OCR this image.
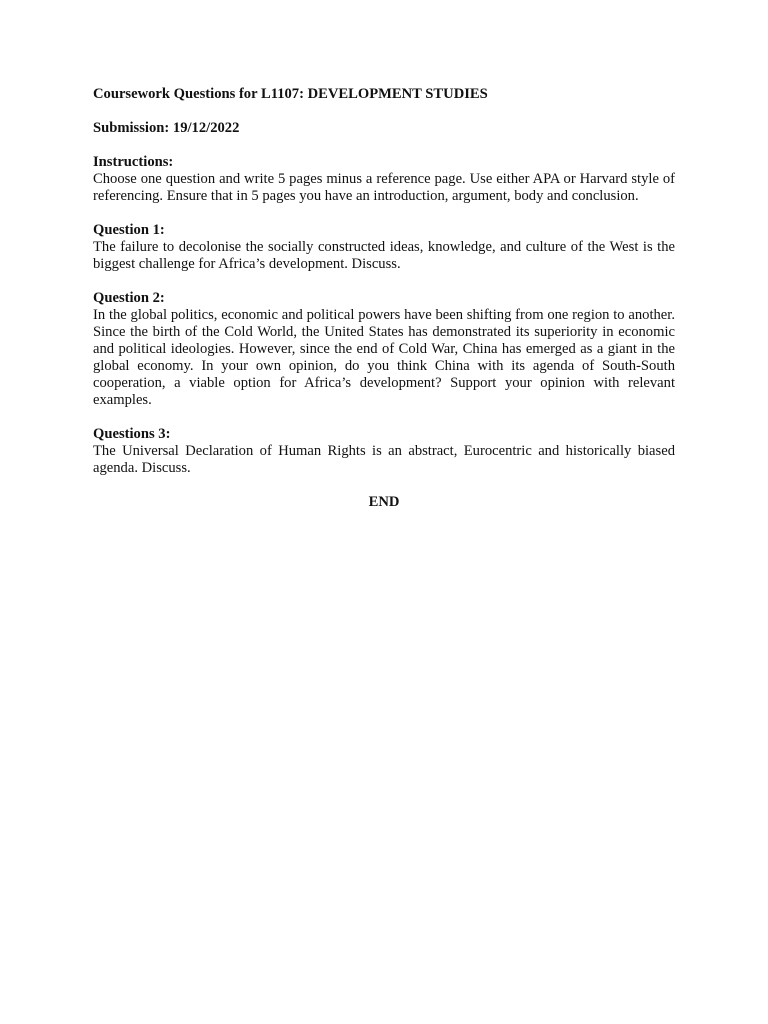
Coursework Questions for L1107: DEVELOPMENT STUDIES

Submission: 19/12/2022

Instructions:

Choose one question and write 5 pages minus a reference page. Use either APA or Harvard style of referencing. Ensure that in 5 pages you have an introduction, argument, body and conclusion.

Question 1:

The failure to decolonise the socially constructed ideas, knowledge, and culture of the West is the biggest challenge for Africa’s development. Discuss.

Question 2:

In the global politics, economic and political powers have been shifting from one region to another. Since the birth of the Cold World, the United States has demonstrated its superiority in economic and political ideologies. However, since the end of Cold War, China has emerged as a giant in the global economy. In your own opinion, do you think China with its agenda of South-South cooperation, a viable option for Africa’s development? Support your opinion with relevant examples.

Questions 3:

The Universal Declaration of Human Rights is an abstract, Eurocentric and historically biased agenda. Discuss.

END
